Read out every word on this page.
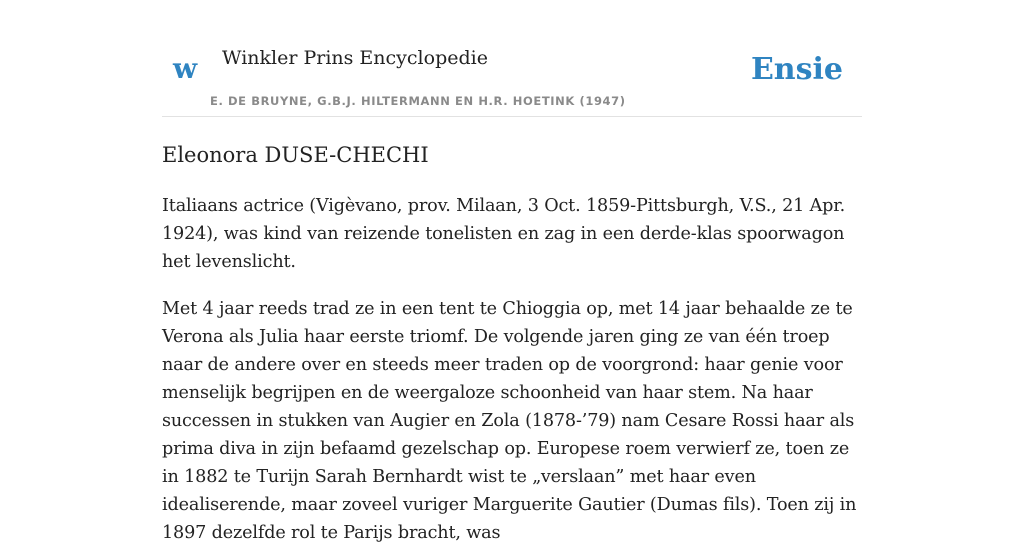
w Winkler Prins Encyclopedie	Ensie
E. DE BRUYNE, G.B.J. HILTERMANN EN H.R. HOETINK (1947)
Eleonora DUSE-CHECHI

Italiaans actrice (Vigèvano, prov. Milaan, 3 Oct. 1859-Pittsburgh, V.S., 21 Apr. 1924), was kind van reizende tonelisten en zag in een derde-klas spoorwagon het levenslicht.

Met 4 jaar reeds trad ze in een tent te Chioggia op, met 14 jaar behaalde ze te Verona als Julia haar eerste triomf. De volgende jaren ging ze van één troep naar de andere over en steeds meer traden op de voorgrond: haar genie voor menselijk begrijpen en de weergaloze schoonheid van haar stem. Na haar successen in stukken van Augier en Zola (1878-’79) nam Cesare Rossi haar als prima diva in zijn befaamd gezelschap op. Europese roem verwierf ze, toen ze in 1882 te Turijn Sarah Bernhardt wist te „verslaan” met haar even idealiserende, maar zoveel vuriger Marguerite Gautier (Dumas fils). Toen zij in 1897 dezelfde rol te Parijs bracht, was
